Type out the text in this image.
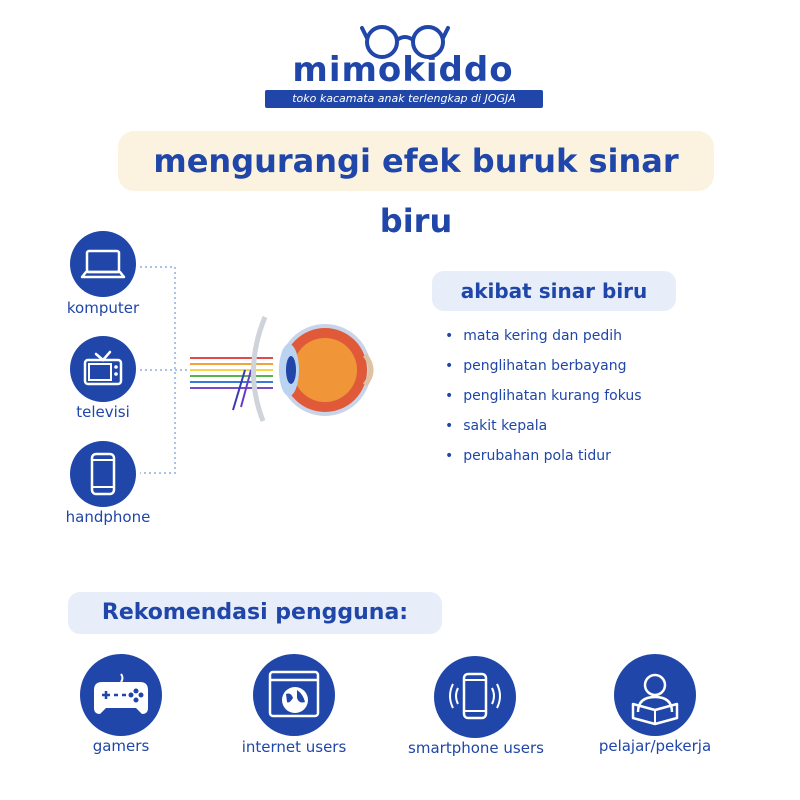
mimokiddo
toko kacamata anak terlengkap di JOGJA
mengurangi efek buruk sinar biru
komputer
televisi
handphone
akibat sinar biru
• mata kering dan pedih
• penglihatan berbayang
• penglihatan kurang fokus
• sakit kepala
• perubahan pola tidur
Rekomendasi pengguna:
gamers	internet users	smartphone users	pelajar/pekerja
